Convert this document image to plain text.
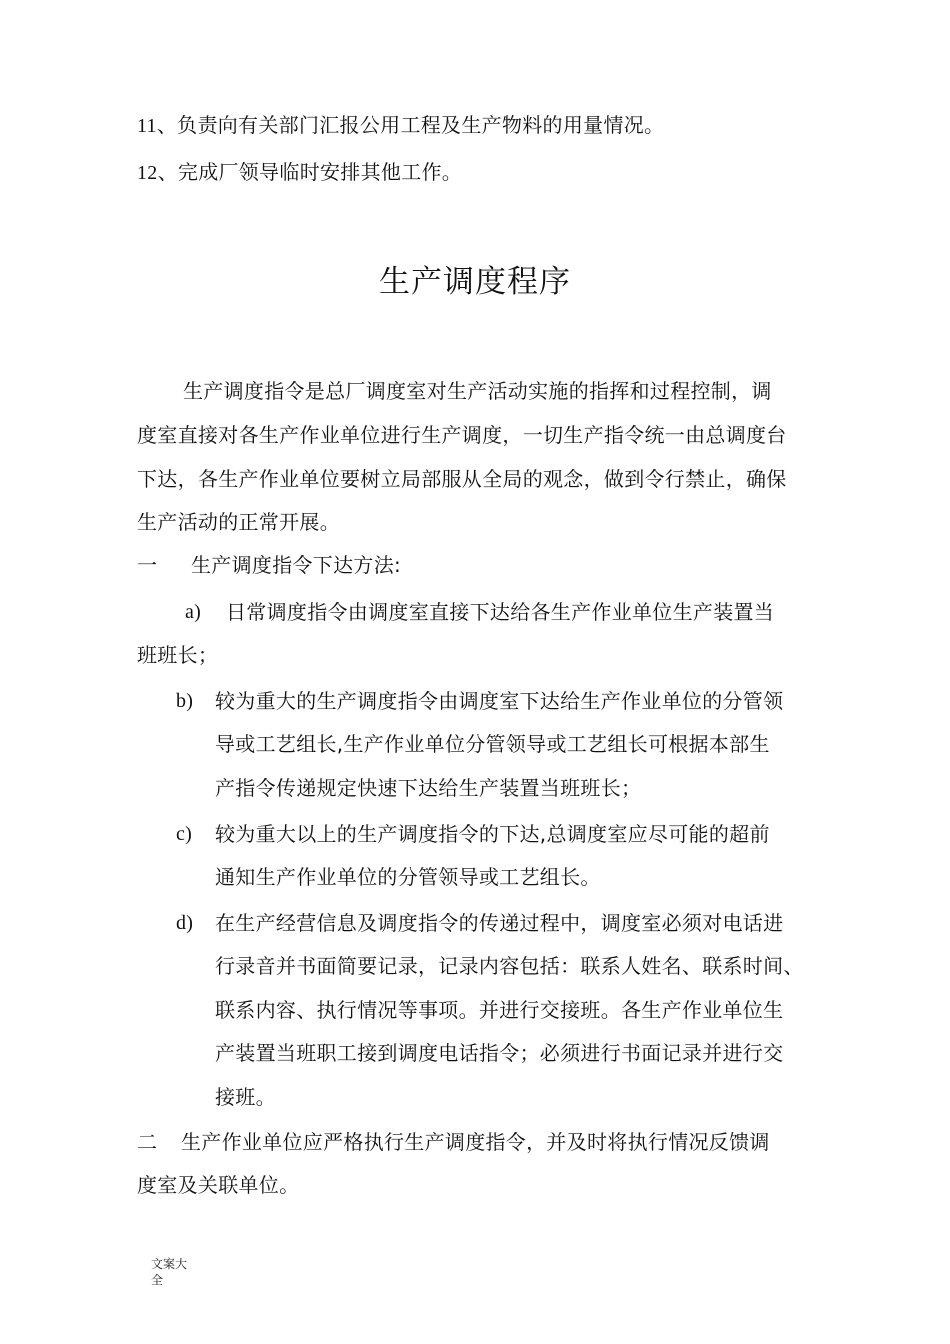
11、负责向有关部门汇报公用工程及生产物料的用量情况。
12、完成厂领导临时安排其他工作。
生产调度程序
生产调度指令是总厂调度室对生产活动实施的指挥和过程控制，调
度室直接对各生产作业单位进行生产调度，一切生产指令统一由总调度台
下达，各生产作业单位要树立局部服从全局的观念，做到令行禁止，确保
生产活动的正常开展。
一 生产调度指令下达方法:
a) 日常调度指令由调度室直接下达给各生产作业单位生产装置当
班班长；
b) 较为重大的生产调度指令由调度室下达给生产作业单位的分管领
导或工艺组长,生产作业单位分管领导或工艺组长可根据本部生
产指令传递规定快速下达给生产装置当班班长；
c) 较为重大以上的生产调度指令的下达,总调度室应尽可能的超前
通知生产作业单位的分管领导或工艺组长。
d) 在生产经营信息及调度指令的传递过程中，调度室必须对电话进
行录音并书面简要记录，记录内容包括：联系人姓名、联系时间、
联系内容、执行情况等事项。并进行交接班。各生产作业单位生
产装置当班职工接到调度电话指令；必须进行书面记录并进行交
接班。
二 生产作业单位应严格执行生产调度指令，并及时将执行情况反馈调
度室及关联单位。
文案大
全
